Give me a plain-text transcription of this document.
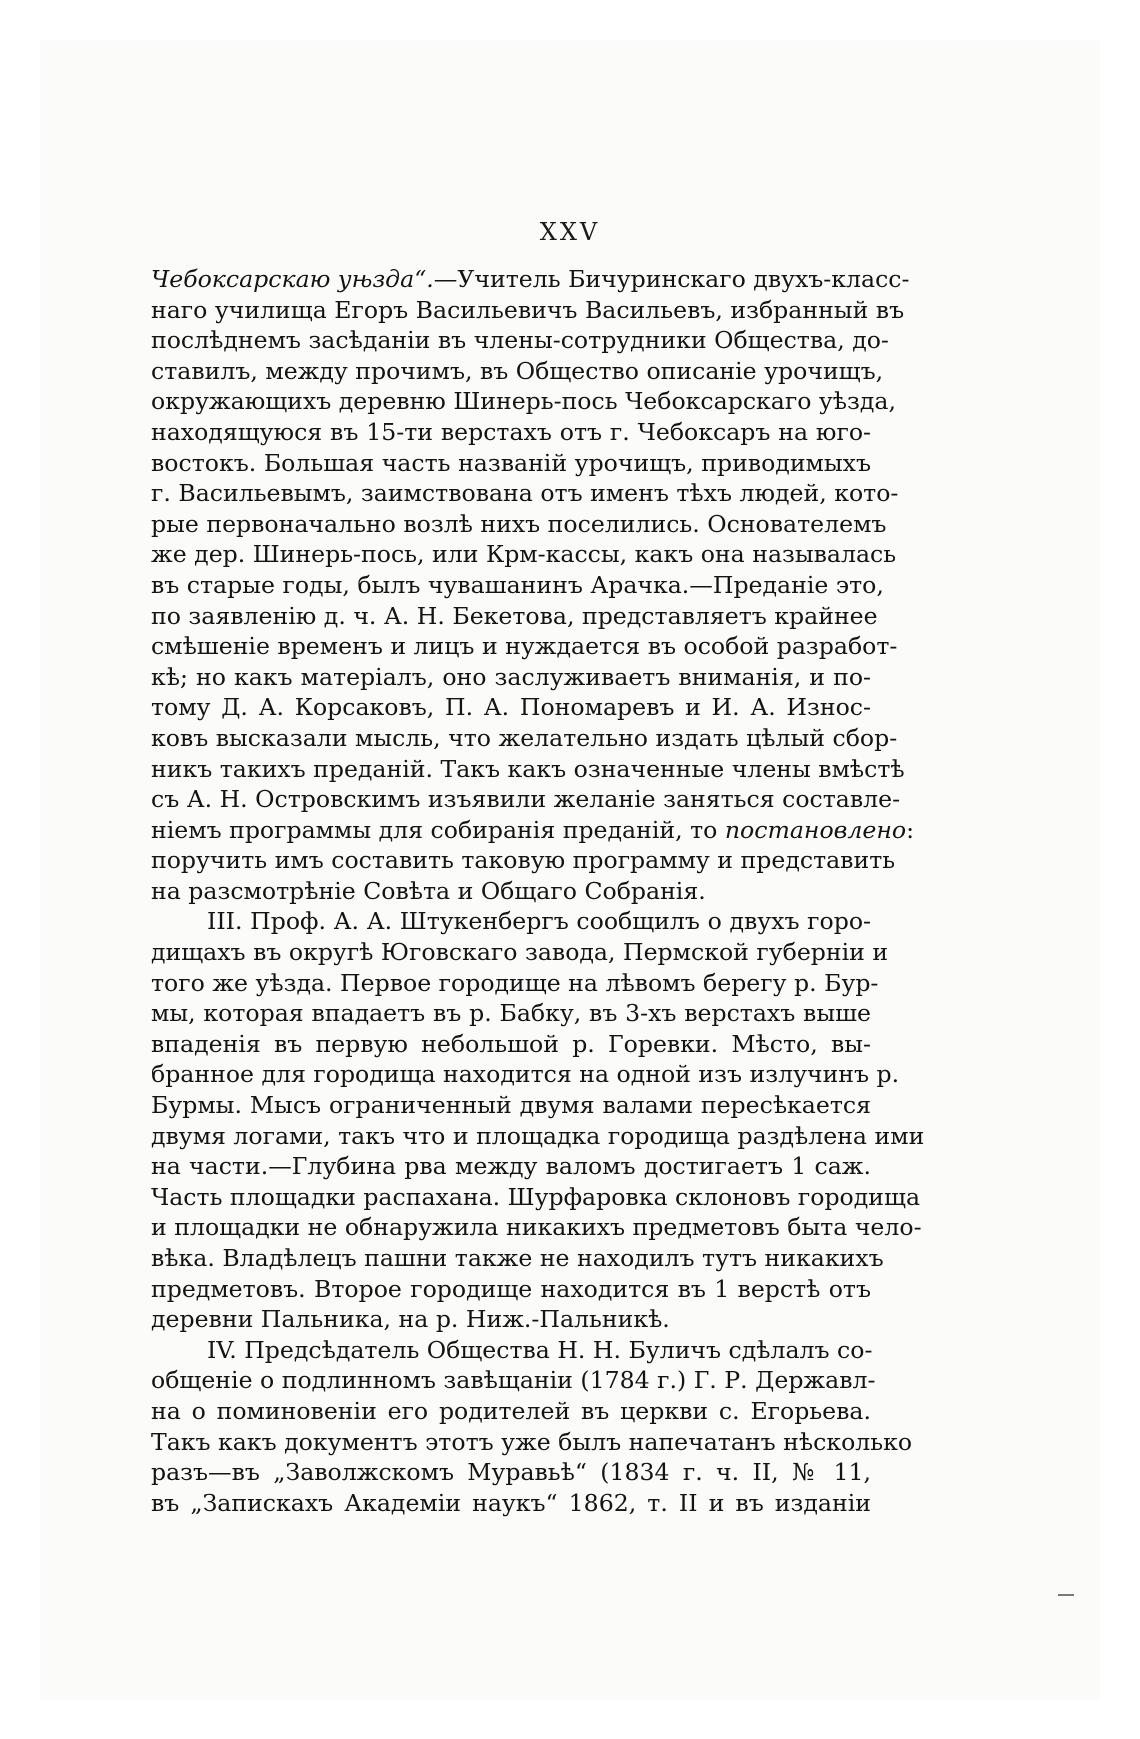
XXV

Чебоксарскаю уњзда“.—Учитель Бичуринскаго двухъ-класс-
наго училища Егоръ Васильевичъ Васильевъ, избранный въ
послѣднемъ засѣданіи въ члены-сотрудники Общества, до-
ставилъ, между прочимъ, въ Общество описаніе урочищъ,
окружающихъ деревню Шинерь-пось Чебоксарскаго уѣзда,
находящуюся въ 15-ти верстахъ отъ г. Чебоксаръ на юго-
востокъ. Большая часть названій урочищъ, приводимыхъ
г. Васильевымъ, заимствована отъ именъ тѣхъ людей, кото-
рые первоначально возлѣ нихъ поселились. Основателемъ
же дер. Шинерь-пось, или Крм-кассы, какъ она называлась
въ старые годы, былъ чувашанинъ Арачка.—Преданіе это,
по заявленію д. ч. А. Н. Бекетова, представляетъ крайнее
смѣшеніе временъ и лицъ и нуждается въ особой разработ-
кѣ; но какъ матеріалъ, оно заслуживаетъ вниманія, и по-
тому Д. А. Корсаковъ, П. А. Пономаревъ и И. А. Износ-
ковъ высказали мысль, что желательно издать цѣлый сбор-
никъ такихъ преданій. Такъ какъ означенные члены вмѣстѣ
съ А. Н. Островскимъ изъявили желаніе заняться составле-
ніемъ программы для собиранія преданій, то постановлено
поручить имъ составить таковую программу и представить
на разсмотрѣніе Совѣта и Общаго Собранія.

III. Проф. А. А. Штукенбергъ сообщилъ о двухъ горо-
дищахъ въ округѣ Юговскаго завода, Пермской губерніи и
того же уѣзда. Первое городище на лѣвомъ берегу р. Бур-
мы, которая впадаетъ въ р. Бабку, въ 3-хъ верстахъ выше
впаденія въ первую небольшой р. Горевки. Мѣсто, вы-
бранное для городища находится на одной изъ излучинъ р.
Бурмы. Мысъ ограниченный двумя валами пересѣкается
двумя логами, такъ что и площадка городища раздѣлена ими
на части.—Глубина рва между валомъ достигаетъ 1 саж.
Часть площадки распахана. Шурфаровка склоновъ городища
и площадки не обнаружила никакихъ предметовъ быта чело-
вѣка. Владѣлецъ пашни также не находилъ тутъ никакихъ
предметовъ. Второе городище находится въ 1 верстѣ отъ
деревни Пальника, на р. Ниж.-Пальникѣ.

IV. Предсѣдатель Общества Н. Н. Буличъ сдѣлалъ со-
общеніе о подлинномъ завѣщаніи (1784 г.) Г. Р. Державл-
на о поминовеніи его родителей въ церкви с. Егорьева.
Такъ какъ документъ этотъ уже былъ напечатанъ нѣсколько
разъ—въ „Заволжскомъ Муравьѣ“ (1834 г. ч. II, № 11,
въ „Запискахъ Академіи наукъ“ 1862, т. II и въ изданіи
